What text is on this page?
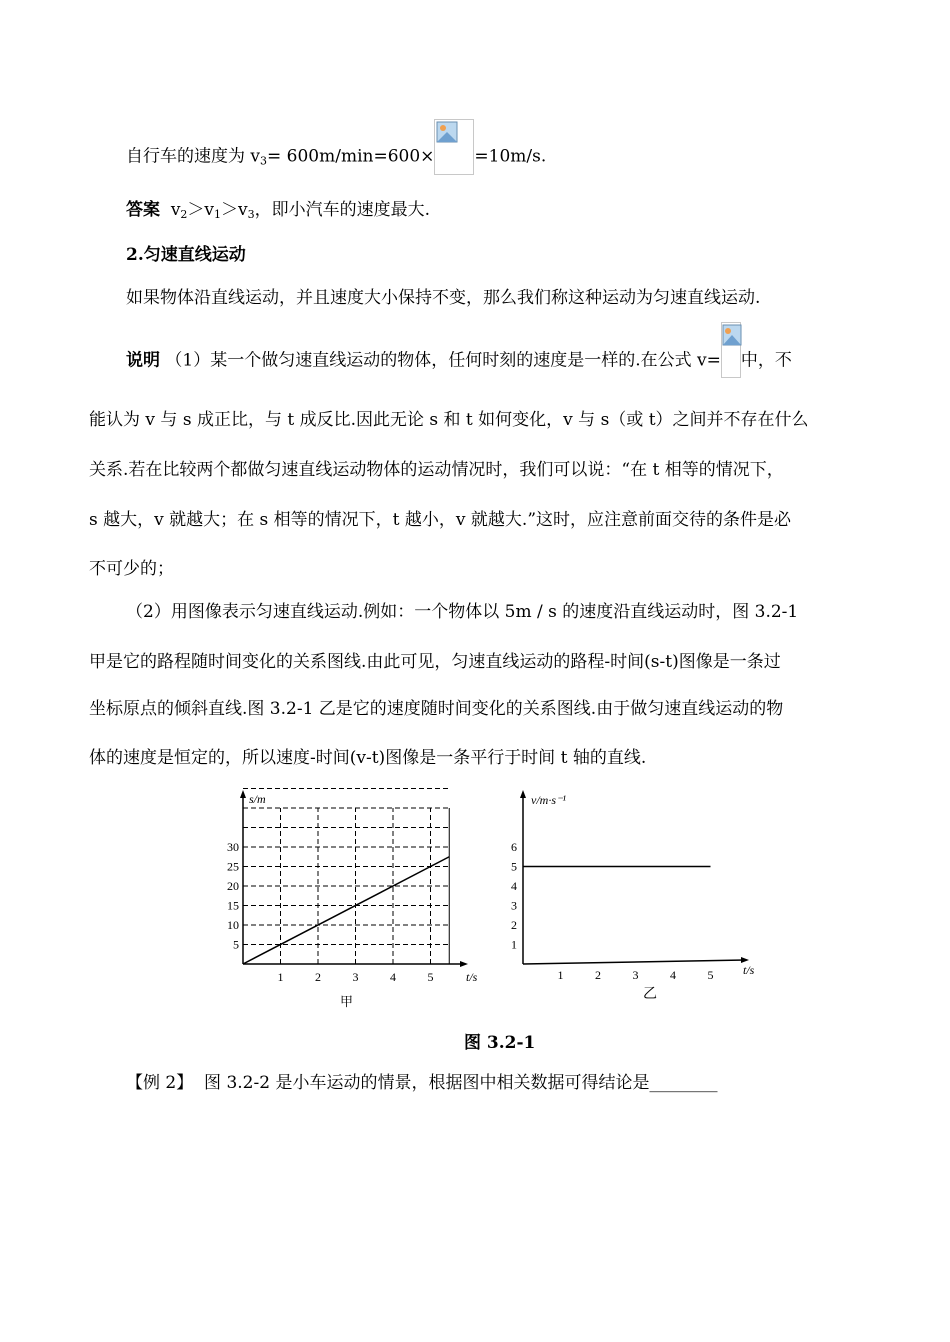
自行车的速度为 $v_3= 600m/\min=600\times =10m/s$.
答案 $v_2>v_1>v_3$，即小汽车的速度最大.
2.匀速直线运动
如果物体沿直线运动，并且速度大小保持不变，那么我们称这种运动为匀速直线运动.
说明 （1）某一个做匀速直线运动的物体，任何时刻的速度是一样的.在公式 v= 中，不
能认为 v 与 s 成正比，与 t 成反比.因此无论 s 和 t 如何变化，v 与 s（或 t）之间并不存在什么
关系.若在比较两个都做匀速直线运动物体的运动情况时，我们可以说：“在 t 相等的情况下，
s 越大，v 就越大；在 s 相等的情况下，t 越小，v 就越大.”这时，应注意前面交待的条件是必
不可少的；
（2）用图像表示匀速直线运动.例如：一个物体以 5m / s 的速度沿直线运动时，图 3.2-1
甲是它的路程随时间变化的关系图线.由此可见，匀速直线运动的路程-时间(s-t)图像是一条过
坐标原点的倾斜直线.图 3.2-1 乙是它的速度随时间变化的关系图线.由于做匀速直线运动的物
体的速度是恒定的，所以速度-时间(v-t)图像是一条平行于时间 t 轴的直线.
s/m
t/s
1	2	3	4	5
5
10
15
20
25
30
甲
v/m·s⁻¹
t/s
1	2	3	4	5
1
2
3
4
5
6
乙
图 3.2-1
【例 2】 图 3.2-2 是小车运动的情景，根据图中相关数据可得结论是________
